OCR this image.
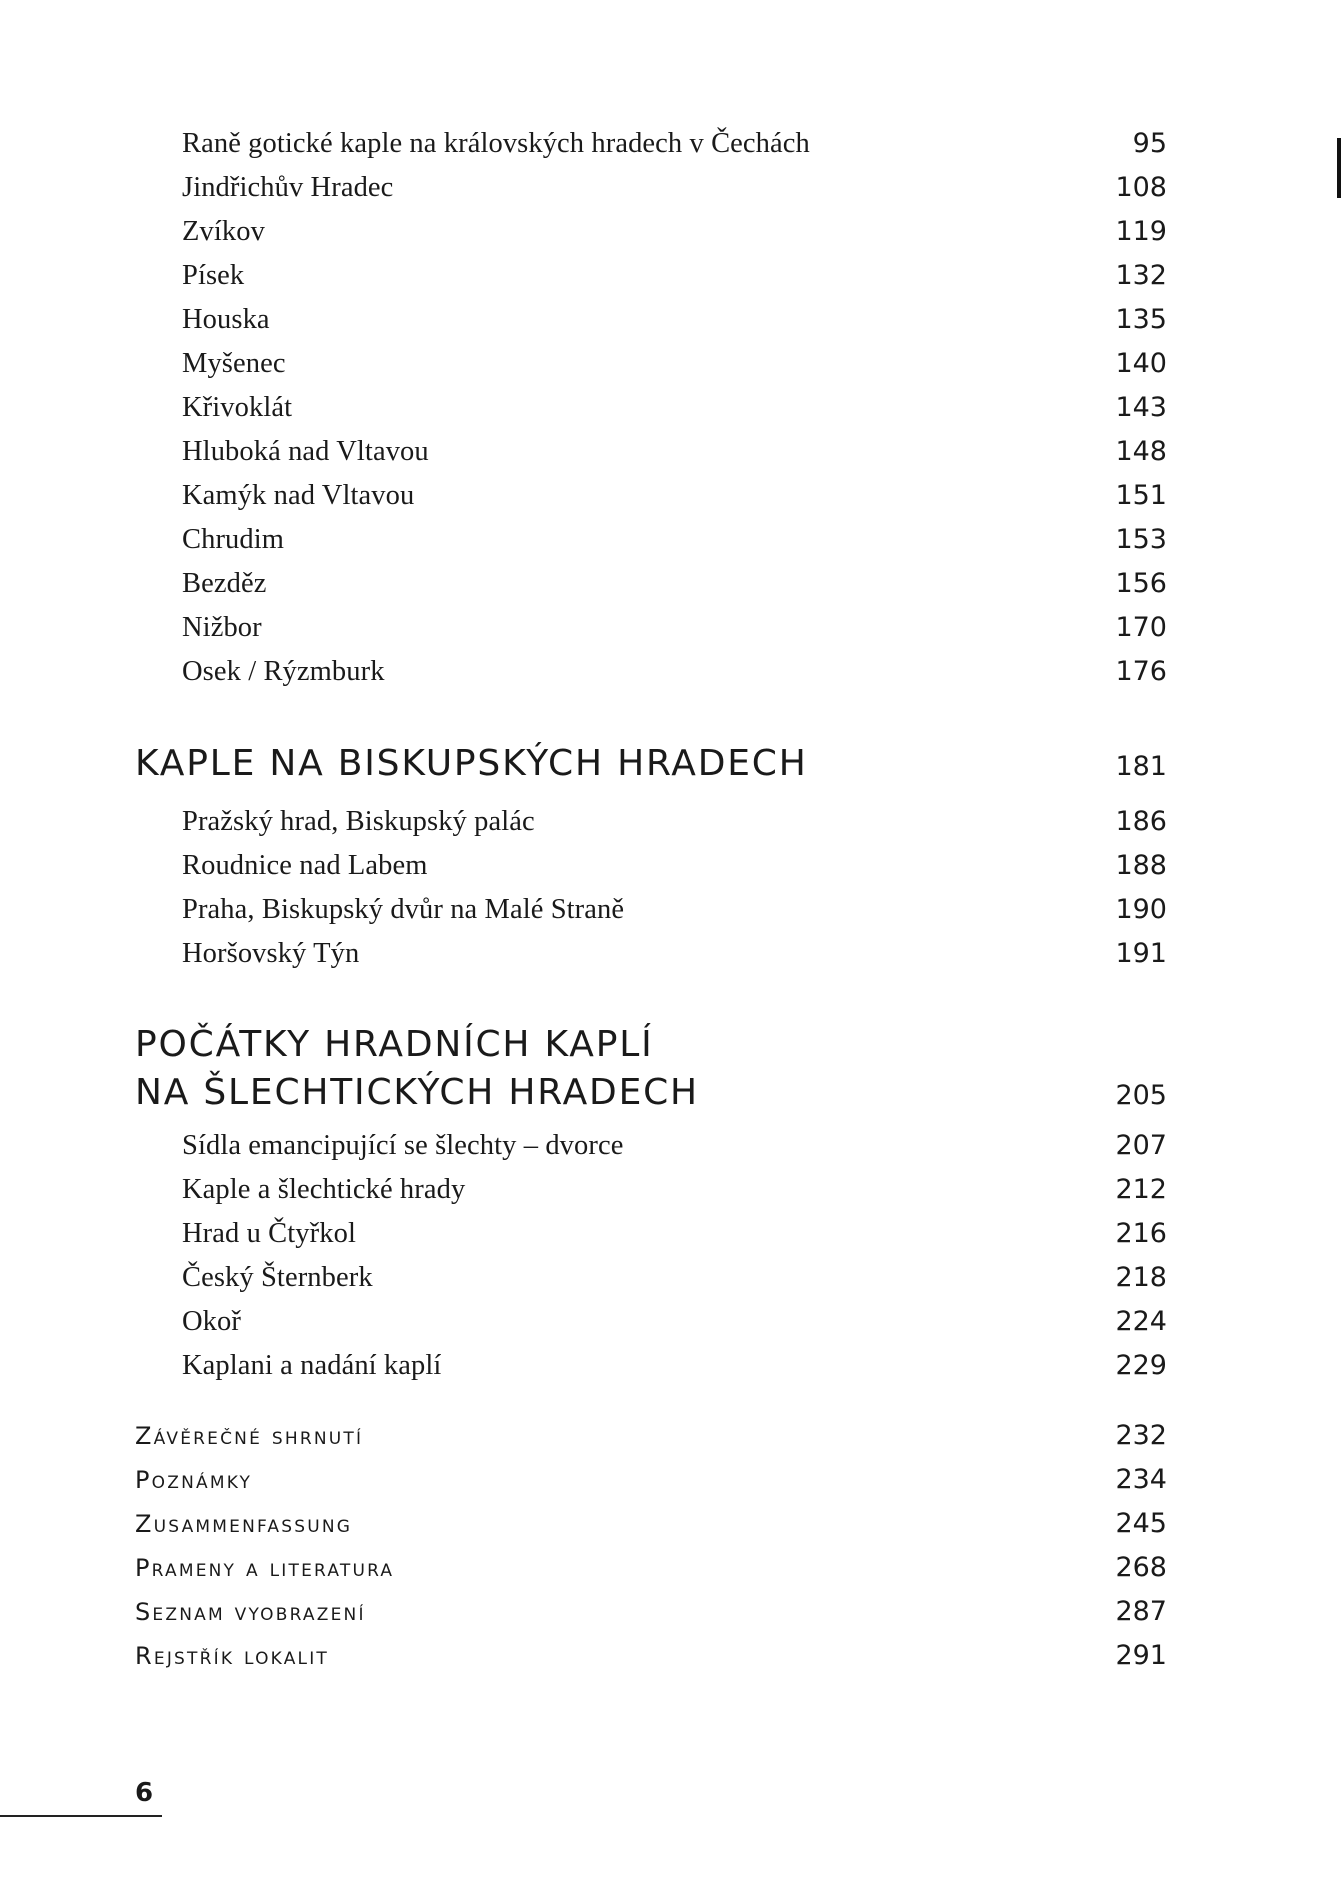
Raně gotické kaple na královských hradech v Čechách	95
Jindřichův Hradec	108
Zvíkov	119
Písek	132
Houska	135
Myšenec	140
Křivoklát	143
Hluboká nad Vltavou	148
Kamýk nad Vltavou	151
Chrudim	153
Bezděz	156
Nižbor	170
Osek / Rýzmburk	176
KAPLE NA BISKUPSKÝCH HRADECH	181
Pražský hrad, Biskupský palác	186
Roudnice nad Labem	188
Praha, Biskupský dvůr na Malé Straně	190
Horšovský Týn	191
POČÁTKY HRADNÍCH KAPLÍ
NA ŠLECHTICKÝCH HRADECH	205
Sídla emancipující se šlechty – dvorce	207
Kaple a šlechtické hrady	212
Hrad u Čtyřkol	216
Český Šternberk	218
Okoř	224
Kaplani a nadání kaplí	229
Závěrečné shrnutí	232
Poznámky	234
Zusammenfassung	245
Prameny a literatura	268
Seznam vyobrazení	287
Rejstřík lokalit	291
6
